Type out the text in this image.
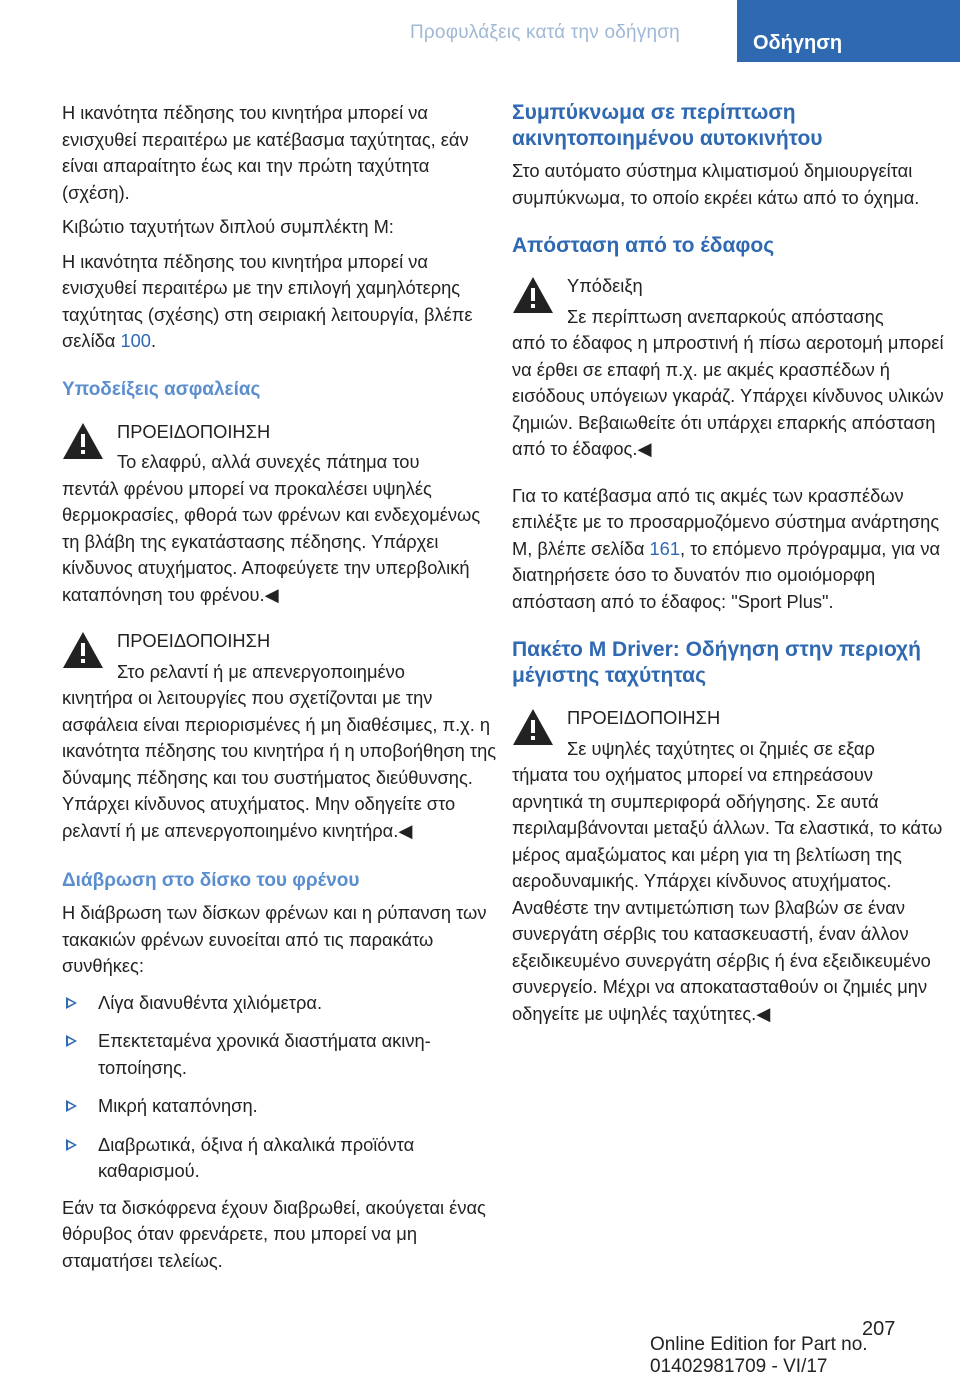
Προφυλάξεις κατά την οδήγηση	Οδήγηση

Η ικανότητα πέδησης του κινητήρα μπορεί να ενισχυθεί περαιτέρω με κατέβασμα ταχύτητας, εάν είναι απαραίτητο έως και την πρώτη ταχύτητα (σχέση).

Κιβώτιο ταχυτήτων διπλού συμπλέκτη Μ:

Η ικανότητα πέδησης του κινητήρα μπορεί να ενισχυθεί περαιτέρω με την επιλογή χαμηλότερης ταχύτητας (σχέσης) στη σειριακή λειτουργία, βλέπε σελίδα 100.

Υποδείξεις ασφαλείας

ΠΡΟΕΙΔΟΠΟΙΗΣΗ

Το ελαφρύ, αλλά συνεχές πάτημα του

πεντάλ φρένου μπορεί να προκαλέσει υψηλές θερμοκρασίες, φθορά των φρένων και ενδεχομένως τη βλάβη της εγκατάστασης πέδησης. Υπάρχει κίνδυνος ατυχήματος. Αποφεύγετε την υπερβολική καταπόνηση του φρένου.◀

ΠΡΟΕΙΔΟΠΟΙΗΣΗ

Στο ρελαντί ή με απενεργοποιημένο

κινητήρα οι λειτουργίες που σχετίζονται με την ασφάλεια είναι περιορισμένες ή μη διαθέσιμες, π.χ. η ικανότητα πέδησης του κινητήρα ή η υποβοήθηση της δύναμης πέδησης και του συστήματος διεύθυνσης. Υπάρχει κίνδυνος ατυχήματος. Μην οδηγείτε στο ρελαντί ή με απενεργοποιημένο κινητήρα.◀

Διάβρωση στο δίσκο του φρένου

Η διάβρωση των δίσκων φρένων και η ρύπανση των τακακιών φρένων ευνοείται από τις παρακάτω συνθήκες:

Λίγα διανυθέντα χιλιόμετρα.
Επεκτεταμένα χρονικά διαστήματα ακινητοποίησης.
Μικρή καταπόνηση.
Διαβρωτικά, όξινα ή αλκαλικά προϊόντα καθαρισμού.

Εάν τα δισκόφρενα έχουν διαβρωθεί, ακούγεται ένας θόρυβος όταν φρενάρετε, που μπορεί να μη σταματήσει τελείως.

Συμπύκνωμα σε περίπτωση ακινητοποιημένου αυτοκινήτου

Στο αυτόματο σύστημα κλιματισμού δημιουργείται συμπύκνωμα, το οποίο εκρέει κάτω από το όχημα.

Απόσταση από το έδαφος

Υπόδειξη

Σε περίπτωση ανεπαρκούς απόστασης

από το έδαφος η μπροστινή ή πίσω αεροτομή μπορεί να έρθει σε επαφή π.χ. με ακμές κρασπέδων ή εισόδους υπόγειων γκαράζ. Υπάρχει κίνδυνος υλικών ζημιών. Βεβαιωθείτε ότι υπάρχει επαρκής απόσταση από το έδαφος.◀

Για το κατέβασμα από τις ακμές των κρασπέδων επιλέξτε με το προσαρμοζόμενο σύστημα ανάρτησης Μ, βλέπε σελίδα 161, το επόμενο πρόγραμμα, για να διατηρήσετε όσο το δυνατόν πιο ομοιόμορφη απόσταση από το έδαφος: "Sport Plus".

Πακέτο M Driver: Οδήγηση στην περιοχή μέγιστης ταχύτητας

ΠΡΟΕΙΔΟΠΟΙΗΣΗ

Σε υψηλές ταχύτητες οι ζημιές σε εξαρ

τήματα του οχήματος μπορεί να επηρεάσουν αρνητικά τη συμπεριφορά οδήγησης. Σε αυτά περιλαμβάνονται μεταξύ άλλων. Τα ελαστικά, το κάτω μέρος αμαξώματος και μέρη για τη βελτίωση της αεροδυναμικής. Υπάρχει κίνδυνος ατυχήματος. Αναθέστε την αντιμετώπιση των βλαβών σε έναν συνεργάτη σέρβις του κατασκευαστή, έναν άλλον εξειδικευμένο συνεργάτη σέρβις ή ένα εξειδικευμένο συνεργείο. Μέχρι να αποκατασταθούν οι ζημιές μην οδηγείτε με υψηλές ταχύτητες.◀

207
Online Edition for Part no. 01402981709 - VI/17
